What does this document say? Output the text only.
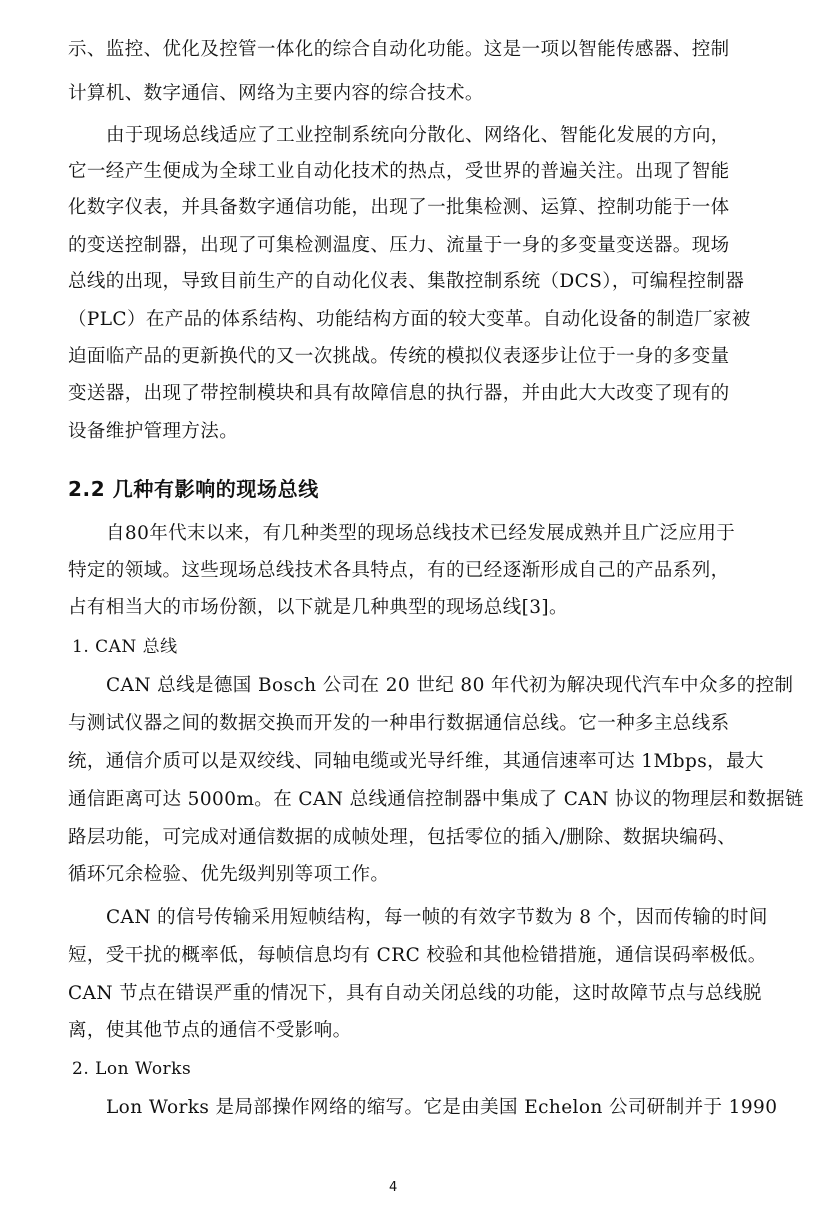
示、监控、优化及控管一体化的综合自动化功能。这是一项以智能传感器、控制
计算机、数字通信、网络为主要内容的综合技术。
由于现场总线适应了工业控制系统向分散化、网络化、智能化发展的方向，
它一经产生便成为全球工业自动化技术的热点，受世界的普遍关注。出现了智能
化数字仪表，并具备数字通信功能，出现了一批集检测、运算、控制功能于一体
的变送控制器，出现了可集检测温度、压力、流量于一身的多变量变送器。现场
总线的出现，导致目前生产的自动化仪表、集散控制系统（DCS），可编程控制器
（PLC）在产品的体系结构、功能结构方面的较大变革。自动化设备的制造厂家被
迫面临产品的更新换代的又一次挑战。传统的模拟仪表逐步让位于一身的多变量
变送器，出现了带控制模块和具有故障信息的执行器，并由此大大改变了现有的
设备维护管理方法。
2.2 几种有影响的现场总线
自80年代末以来，有几种类型的现场总线技术已经发展成熟并且广泛应用于
特定的领域。这些现场总线技术各具特点，有的已经逐渐形成自己的产品系列，
占有相当大的市场份额，以下就是几种典型的现场总线[3]。
1. CAN 总线
CAN 总线是德国 Bosch 公司在 20 世纪 80 年代初为解决现代汽车中众多的控制
与测试仪器之间的数据交换而开发的一种串行数据通信总线。它一种多主总线系
统，通信介质可以是双绞线、同轴电缆或光导纤维，其通信速率可达 1Mbps，最大
通信距离可达 5000m。在 CAN 总线通信控制器中集成了 CAN 协议的物理层和数据链
路层功能，可完成对通信数据的成帧处理，包括零位的插入/删除、数据块编码、
循环冗余检验、优先级判别等项工作。
CAN 的信号传输采用短帧结构，每一帧的有效字节数为 8 个，因而传输的时间
短，受干扰的概率低，每帧信息均有 CRC 校验和其他检错措施，通信误码率极低。
CAN 节点在错误严重的情况下，具有自动关闭总线的功能，这时故障节点与总线脱
离，使其他节点的通信不受影响。
2. Lon Works
Lon Works 是局部操作网络的缩写。它是由美国 Echelon 公司研制并于 1990
4
